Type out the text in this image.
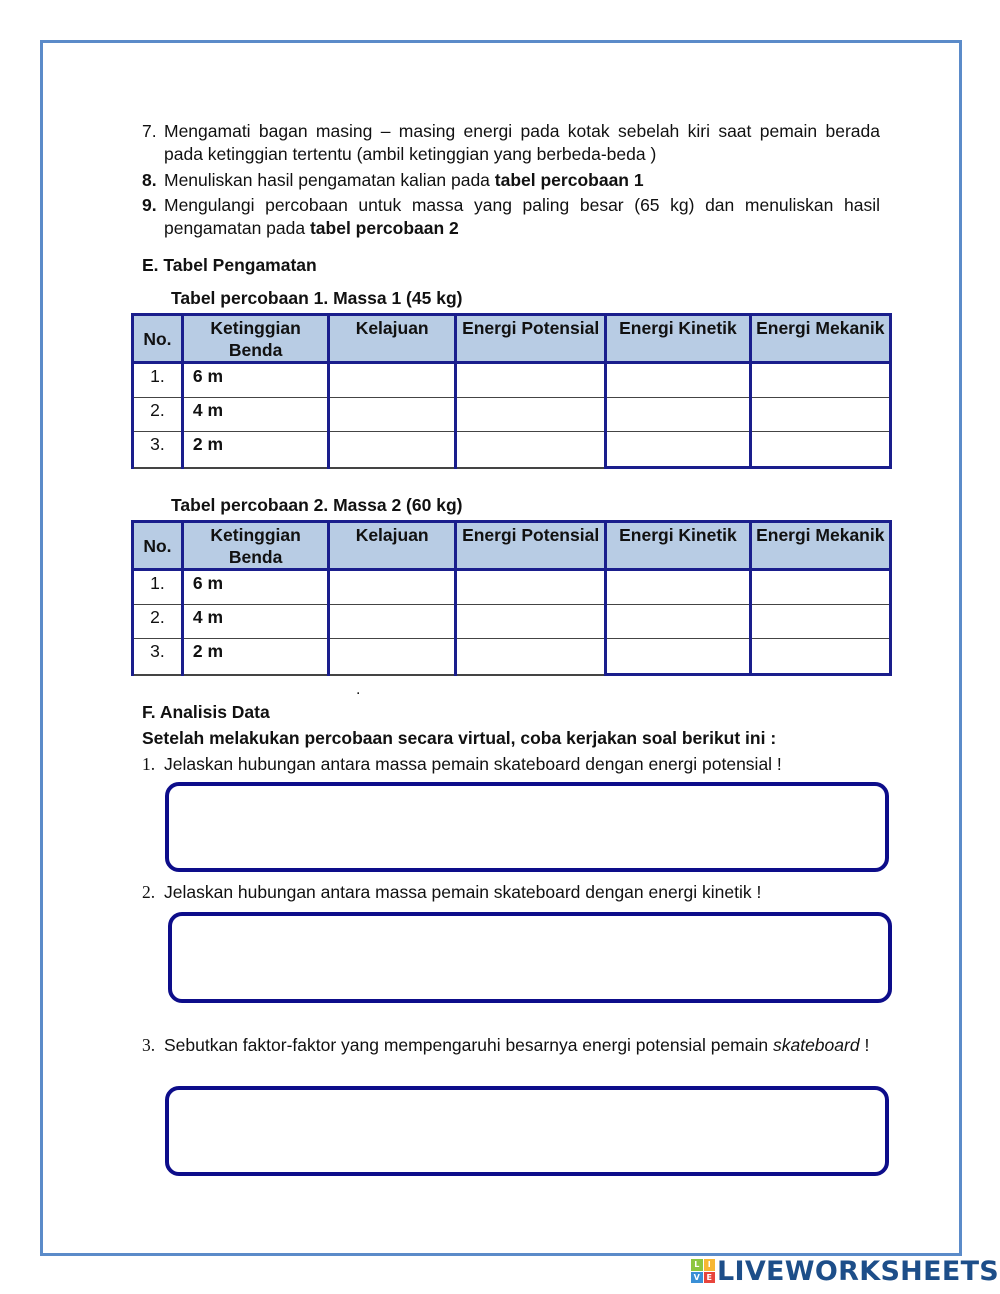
7. Mengamati bagan masing – masing energi pada kotak sebelah kiri saat pemain berada pada ketinggian tertentu (ambil ketinggian yang berbeda-beda )
8. Menuliskan hasil pengamatan kalian pada tabel percobaan 1
9. Mengulangi percobaan untuk massa yang paling besar (65 kg) dan menuliskan hasil pengamatan pada tabel percobaan 2
E. Tabel Pengamatan
Tabel percobaan 1. Massa 1 (45 kg)
No.	Ketinggian Benda	Kelajuan	Energi Potensial	Energi Kinetik	Energi Mekanik
1.	6 m				
2.	4 m				
3.	2 m				
Tabel percobaan 2. Massa 2 (60 kg)
No.	Ketinggian Benda	Kelajuan	Energi Potensial	Energi Kinetik	Energi Mekanik
1.	6 m				
2.	4 m				
3.	2 m				
.
F. Analisis Data
Setelah melakukan percobaan secara virtual, coba kerjakan soal berikut ini :
1. Jelaskan hubungan antara massa pemain skateboard dengan energi potensial !
2. Jelaskan hubungan antara massa pemain skateboard dengan energi kinetik !
3. Sebutkan faktor-faktor yang mempengaruhi besarnya energi potensial pemain skateboard !
L	I
V E LIVEWORKSHEETS
